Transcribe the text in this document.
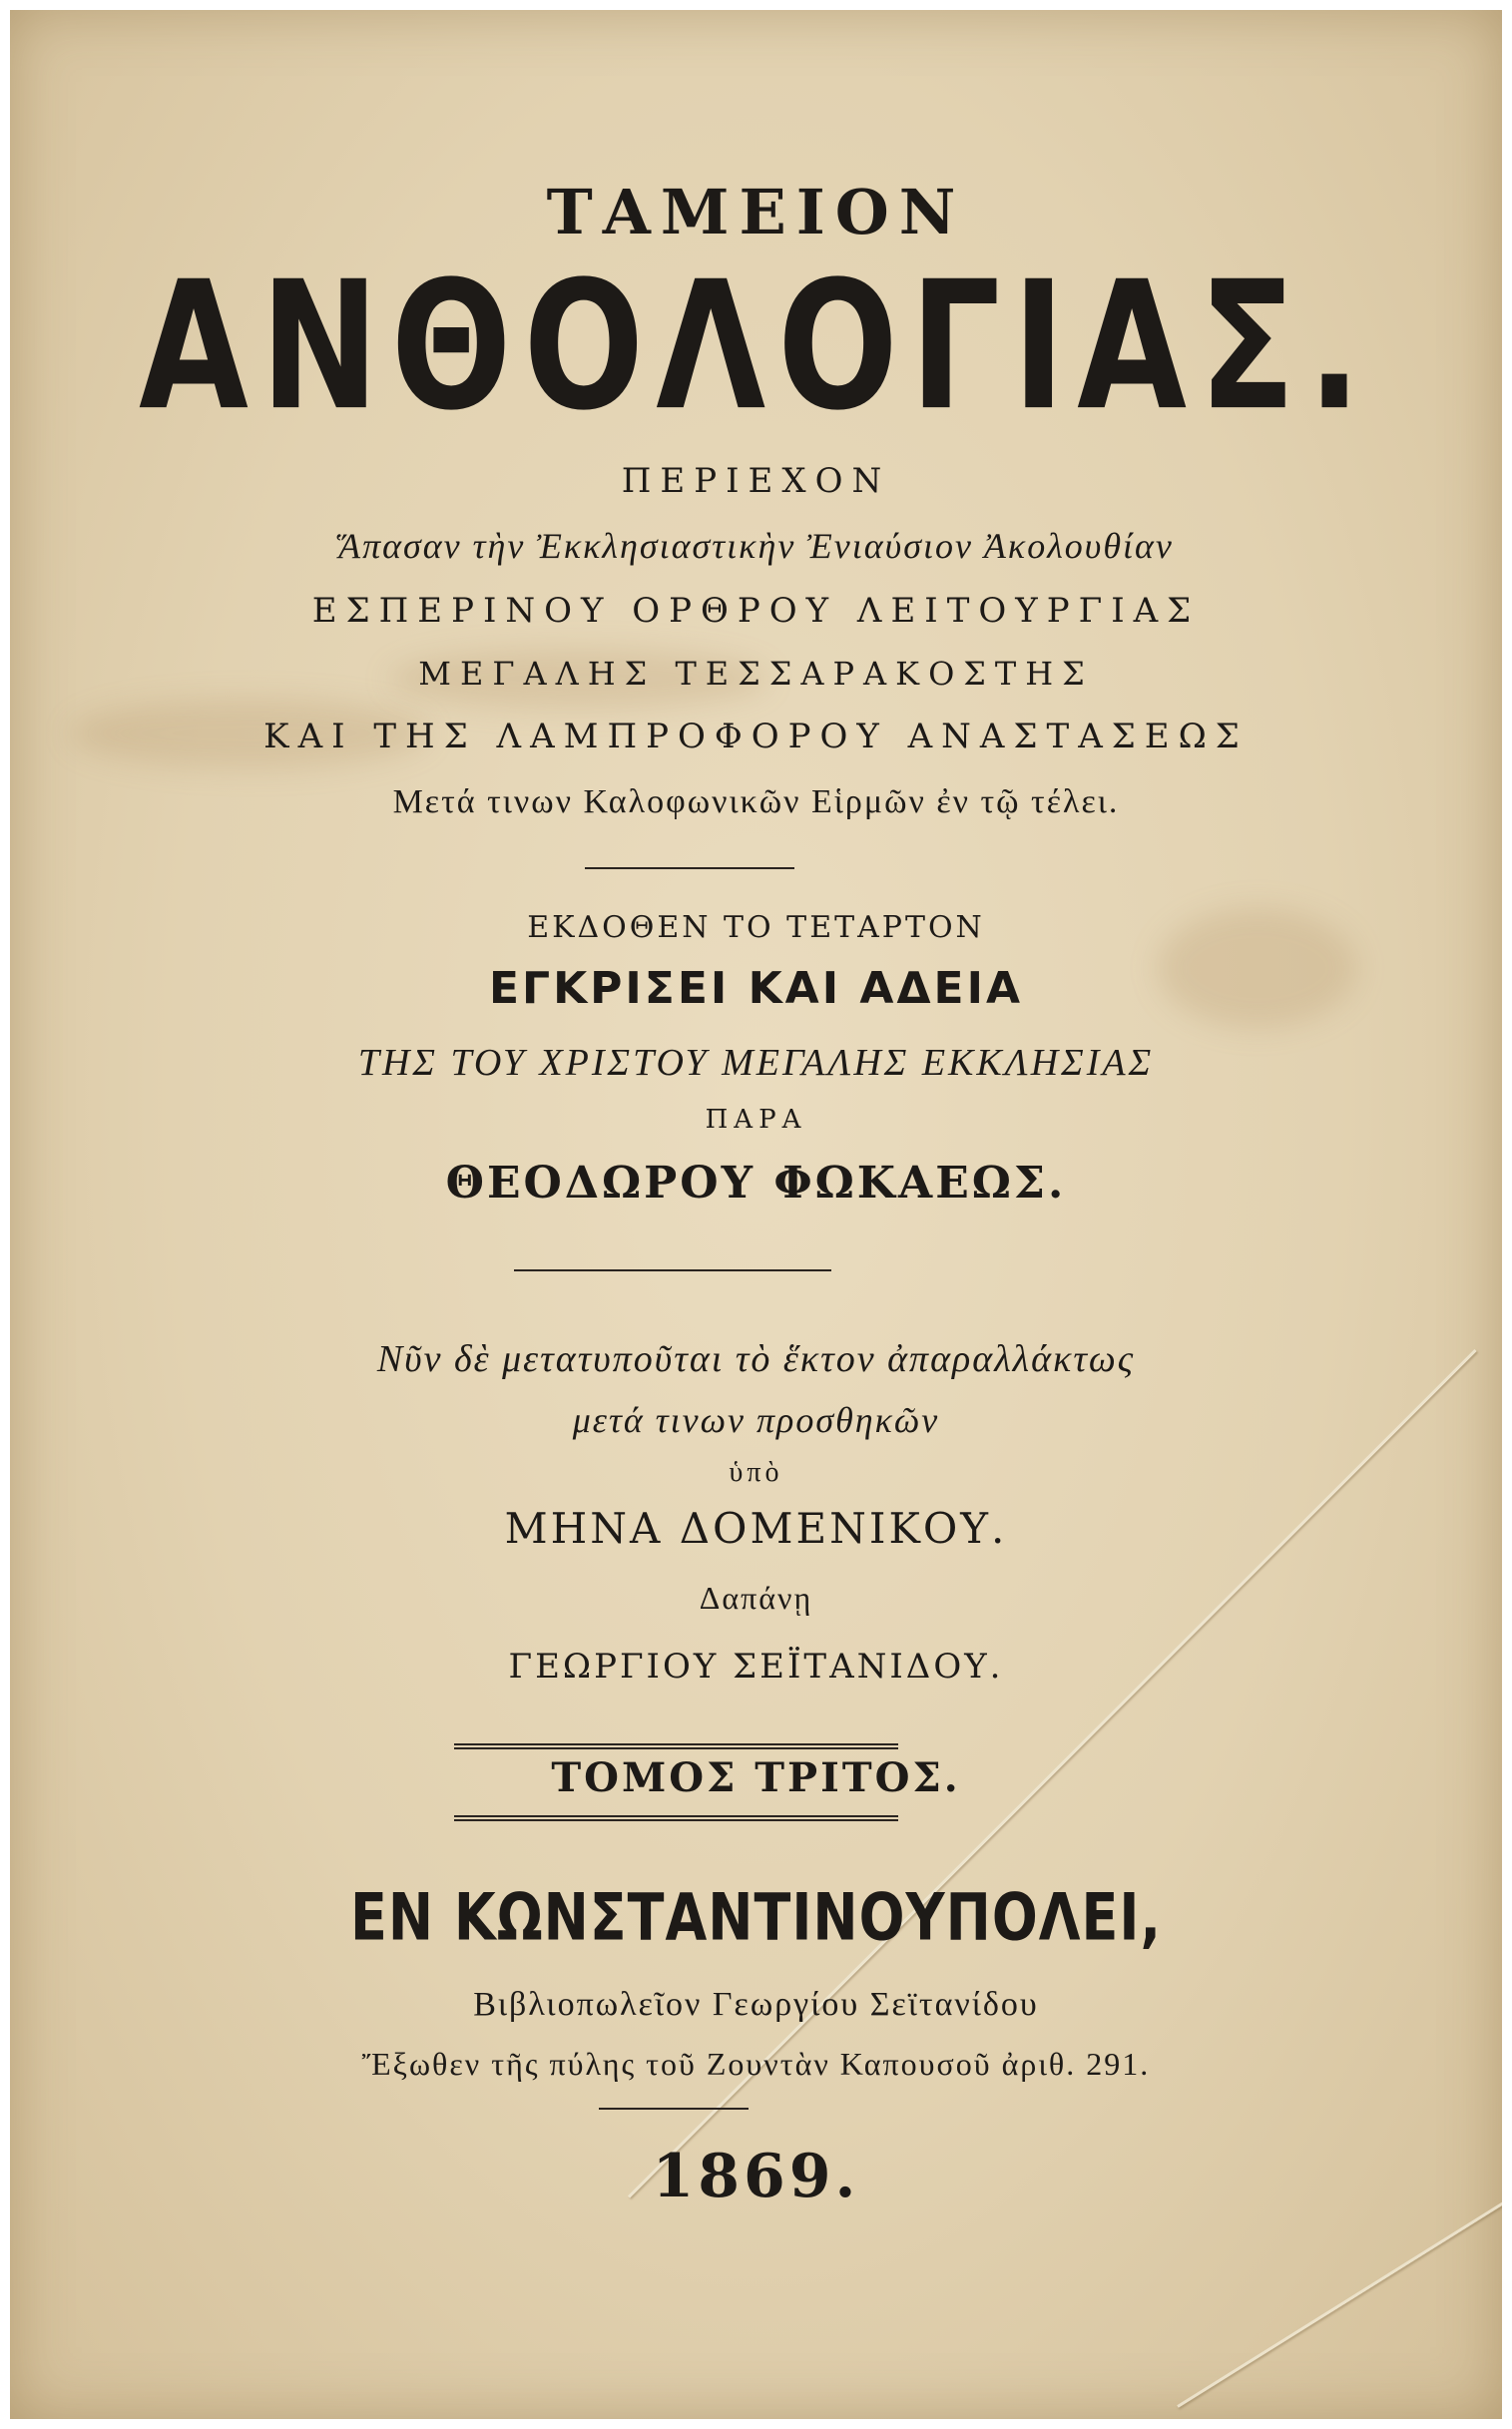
ΤΑΜΕΙΟΝ
ΑΝΘΟΛΟΓΙΑΣ.
ΠΕΡΙΕΧΟΝ
Ἅπασαν τὴν Ἐκκλησιαστικὴν Ἐνιαύσιον Ἀκολουθίαν
ΕΣΠΕΡΙΝΟΥ ΟΡΘΡΟΥ ΛΕΙΤΟΥΡΓΙΑΣ
ΜΕΓΑΛΗΣ ΤΕΣΣΑΡΑΚΟΣΤΗΣ
ΚΑΙ ΤΗΣ ΛΑΜΠΡΟΦΟΡΟΥ ΑΝΑΣΤΑΣΕΩΣ
Μετά τινων Καλοφωνικῶν Εἱρμῶν ἐν τῷ τέλει.
ΕΚΔΟΘΕΝ ΤΟ ΤΕΤΑΡΤΟΝ
ΕΓΚΡΙΣΕΙ ΚΑΙ ΑΔΕΙΑ
ΤΗΣ ΤΟΥ ΧΡΙΣΤΟΥ ΜΕΓΑΛΗΣ ΕΚΚΛΗΣΙΑΣ
ΠΑΡΑ
ΘΕΟΔΩΡΟΥ ΦΩΚΑΕΩΣ.
Νῦν δὲ μετατυποῦται τὸ ἕκτον ἀπαραλλάκτως
μετά τινων προσθηκῶν
ὑπὸ
ΜΗΝΑ ΔΟΜΕΝΙΚΟΥ.
Δαπάνῃ
ΓΕΩΡΓΙΟΥ ΣΕΪΤΑΝΙΔΟΥ.
ΤΟΜΟΣ ΤΡΙΤΟΣ.
ΕΝ ΚΩΝΣΤΑΝΤΙΝΟΥΠΟΛΕΙ,
Βιβλιοπωλεῖον Γεωργίου Σεϊτανίδου
Ἔξωθεν τῆς πύλης τοῦ Ζουντὰν Καπουσοῦ ἀριθ. 291.
1869.
